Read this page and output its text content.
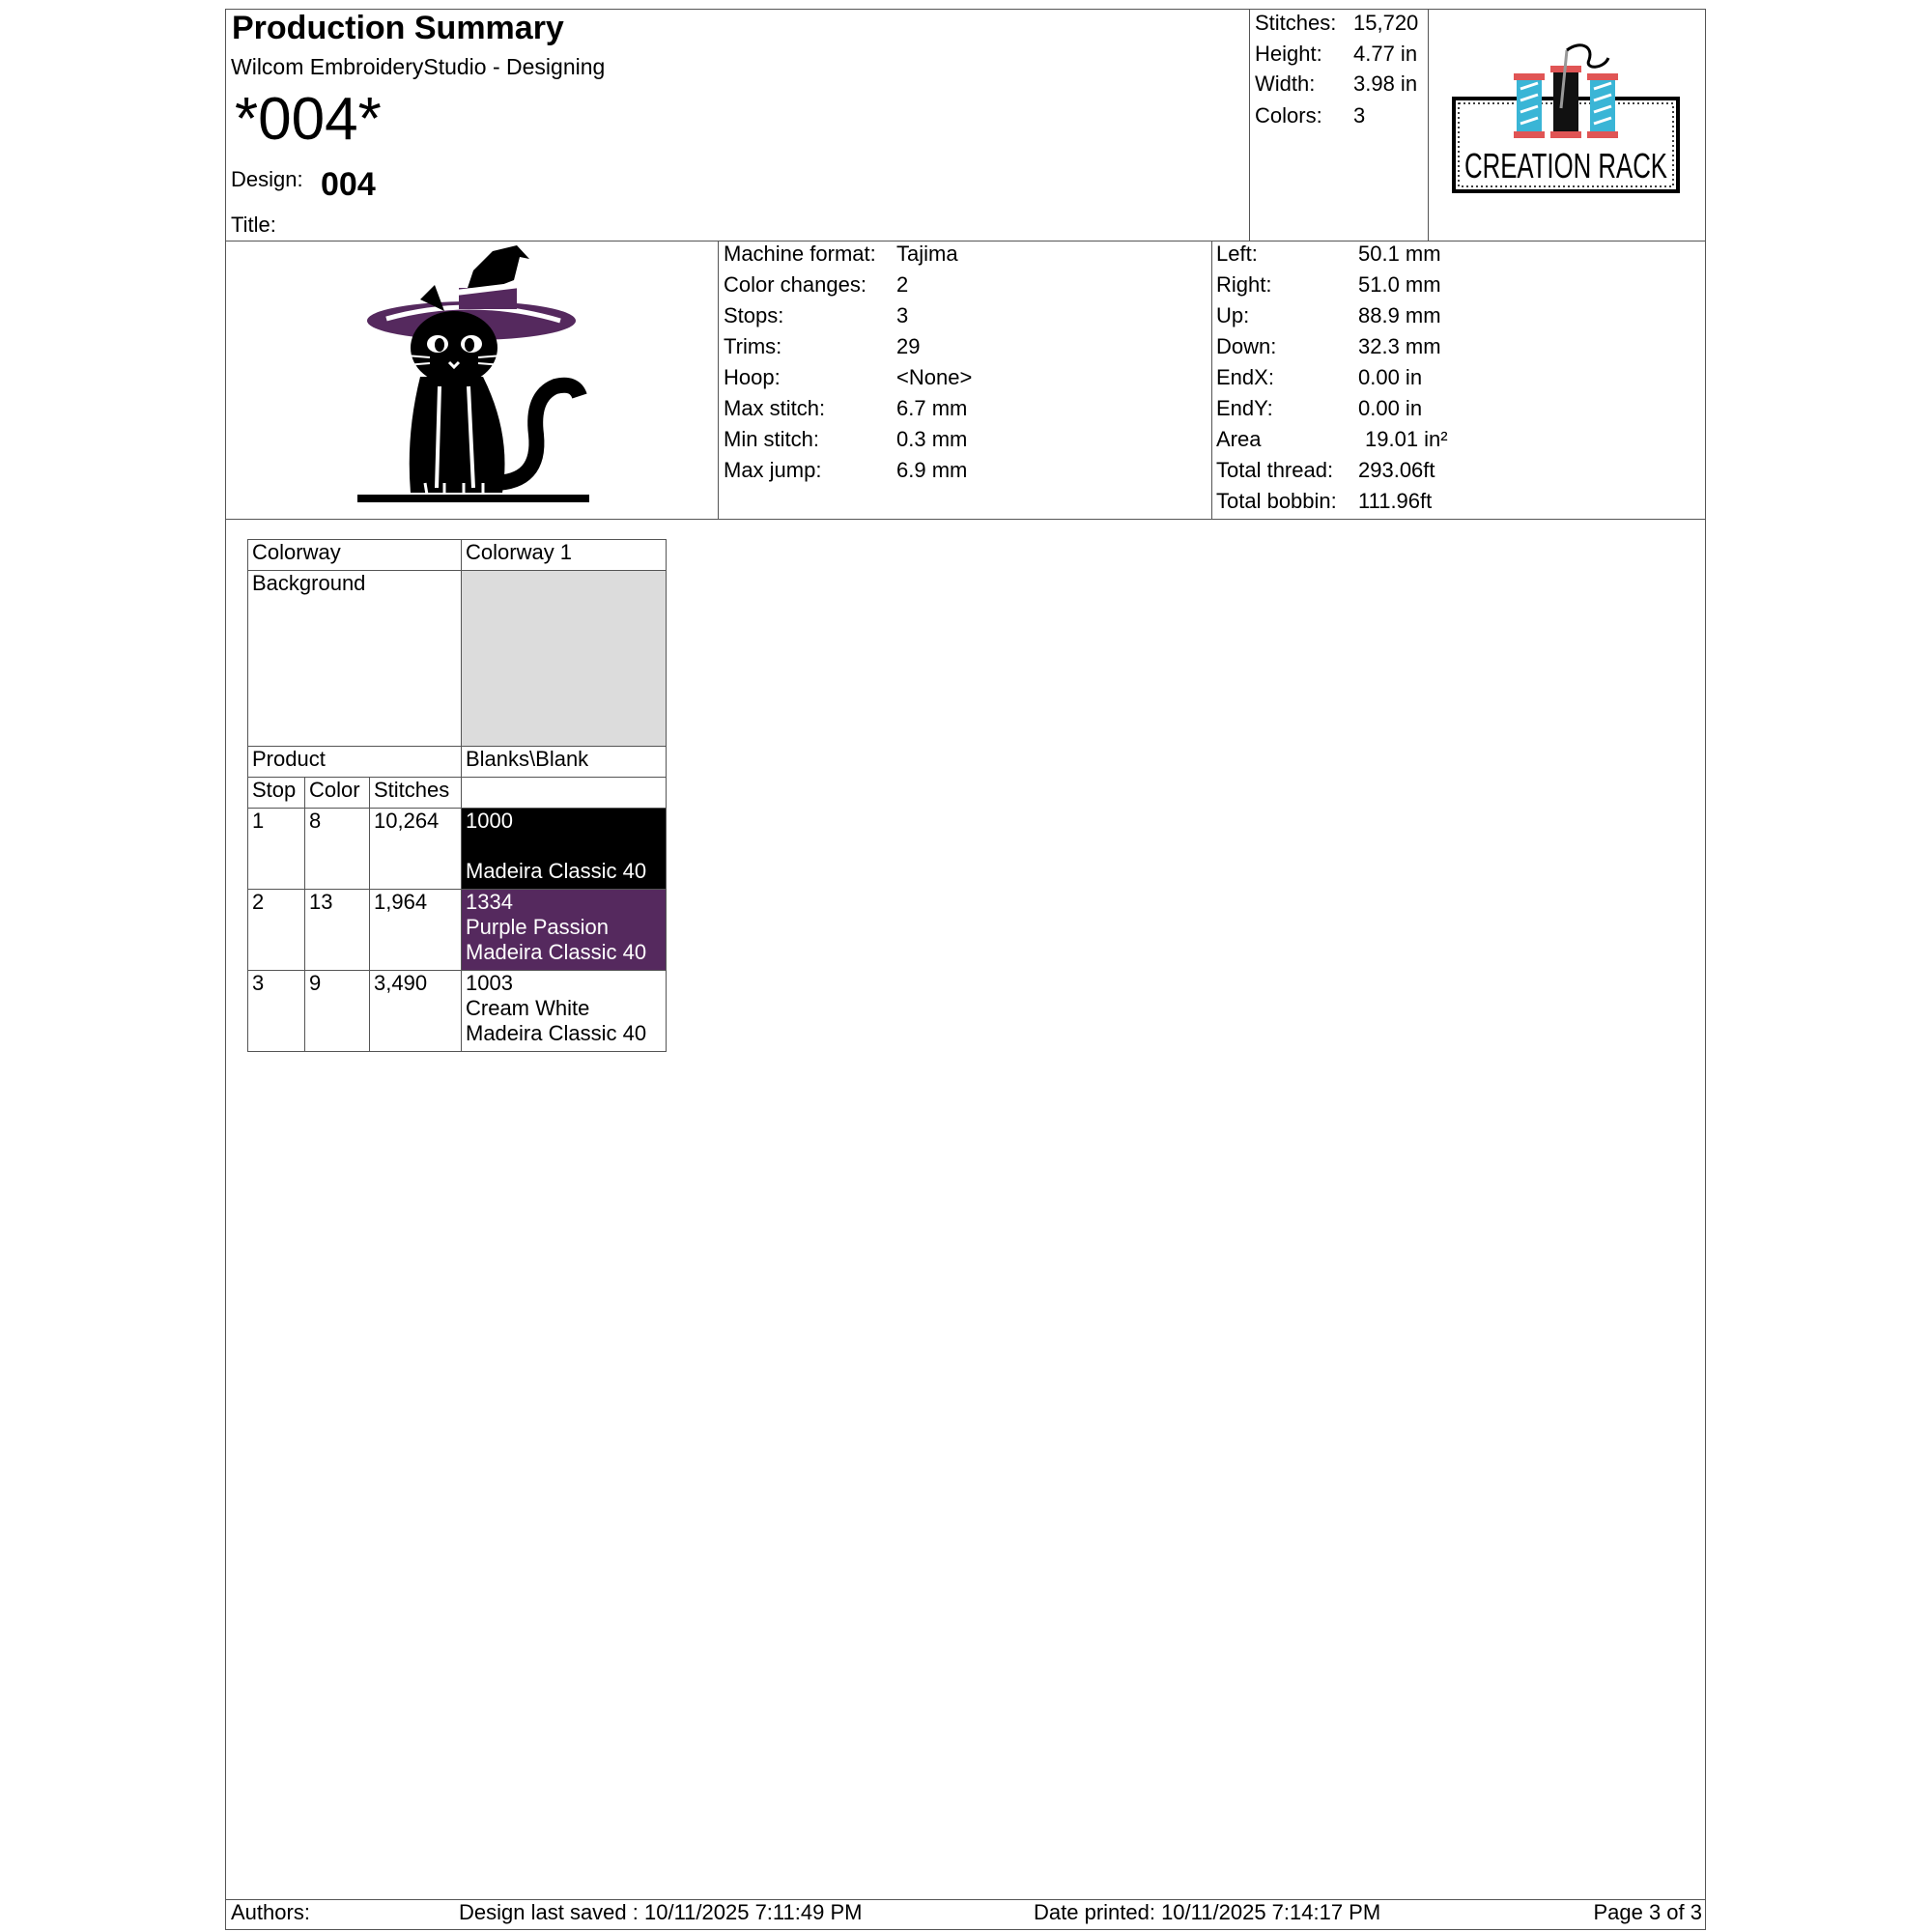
Production Summary
Wilcom EmbroideryStudio - Designing
*004*
Design: 004
Title:
Stitches: 15,720
Height: 4.77 in
Width: 3.98 in
Colors: 3
CREATION RACK
Machine format: Tajima
Color changes: 2
Stops:	3
Trims:	29
Hoop:	<None>
Max stitch:	6.7 mm
Min stitch:	0.3 mm
Max jump:	6.9 mm
Left:	50.1 mm
Right:	51.0 mm
Up:	88.9 mm
Down:	32.3 mm
EndX:	0.00 in
EndY:	0.00 in
Area	19.01 in²
Total thread: 293.06ft
Total bobbin: 111.96ft
Colorway			Colorway 1
Background			
Product			Blanks\Blank
Stop	Color	Stitches	
1	8	10,264	1000
Madeira Classic 40

2	13	1,964	1334
Purple Passion
Madeira Classic 40

3	9	3,490	1003
Cream White
Madeira Classic 40
Authors:	Design last saved : 10/11/2025 7:11:49 PM	Date printed: 10/11/2025 7:14:17 PM	Page 3 of 3
